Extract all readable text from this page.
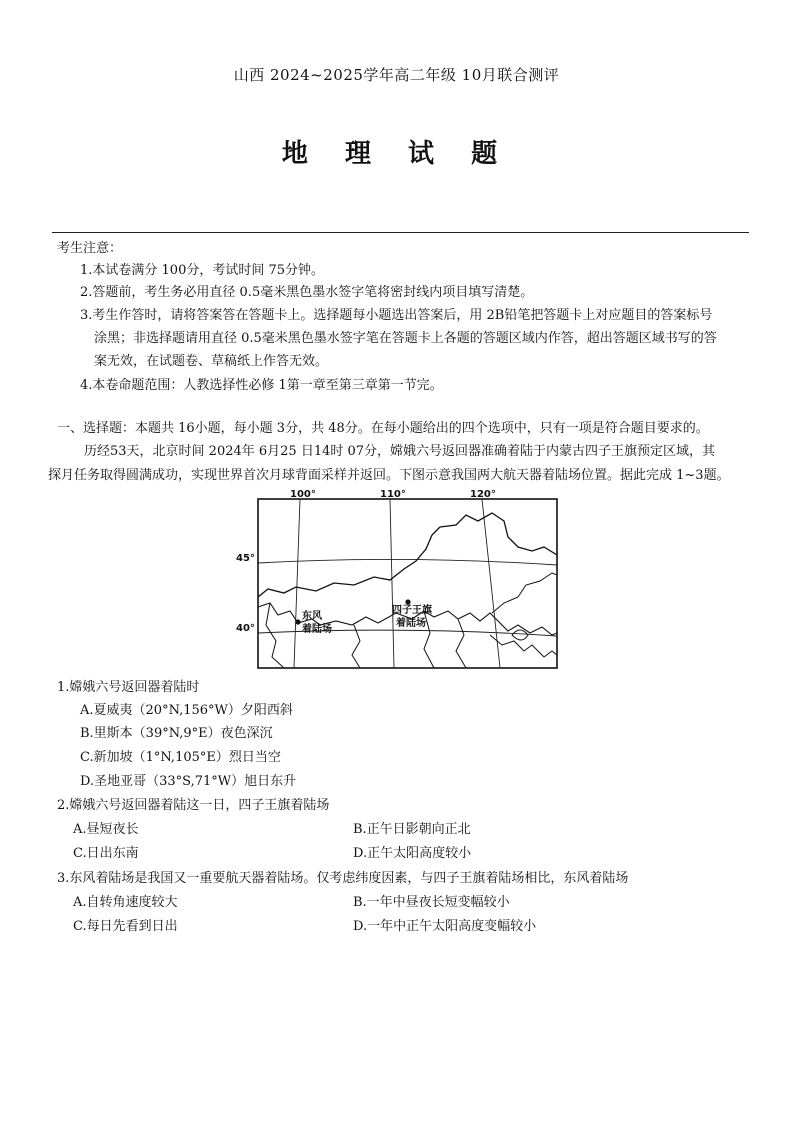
山西 2024~2025学年高二年级 10月联合测评
地 理 试 题
考生注意：
1.本试卷满分 100分，考试时间 75分钟。
2.答题前，考生务必用直径 0.5毫米黑色墨水签字笔将密封线内项目填写清楚。
3.考生作答时，请将答案答在答题卡上。选择题每小题选出答案后，用 2B铅笔把答题卡上对应题目的答案标号
涂黑；非选择题请用直径 0.5毫米黑色墨水签字笔在答题卡上各题的答题区域内作答，超出答题区域书写的答
案无效，在试题卷、草稿纸上作答无效。
4.本卷命题范围：人教选择性必修 1第一章至第三章第一节完。
一、选择题：本题共 16小题，每小题 3分，共 48分。在每小题给出的四个选项中，只有一项是符合题目要求的。
历经53天，北京时间 2024年 6月25 日14时 07分，嫦娥六号返回器准确着陆于内蒙古四子王旗预定区域，其
探月任务取得圆满成功，实现世界首次月球背面采样并返回。下图示意我国两大航天器着陆场位置。据此完成 1~3题。
100°	110°	120°
东风
着陆场
四子王旗
着陆场
45°
40°
1.嫦娥六号返回器着陆时
A.夏威夷（20°N,156°W）夕阳西斜
B.里斯本（39°N,9°E）夜色深沉
C.新加坡（1°N,105°E）烈日当空
D.圣地亚哥（33°S,71°W）旭日东升
2.嫦娥六号返回器着陆这一日，四子王旗着陆场
A.昼短夜长	B.正午日影朝向正北
C.日出东南	D.正午太阳高度较小
3.东风着陆场是我国又一重要航天器着陆场。仅考虑纬度因素，与四子王旗着陆场相比，东风着陆场
A.自转角速度较大	B.一年中昼夜长短变幅较小
C.每日先看到日出	D.一年中正午太阳高度变幅较小
